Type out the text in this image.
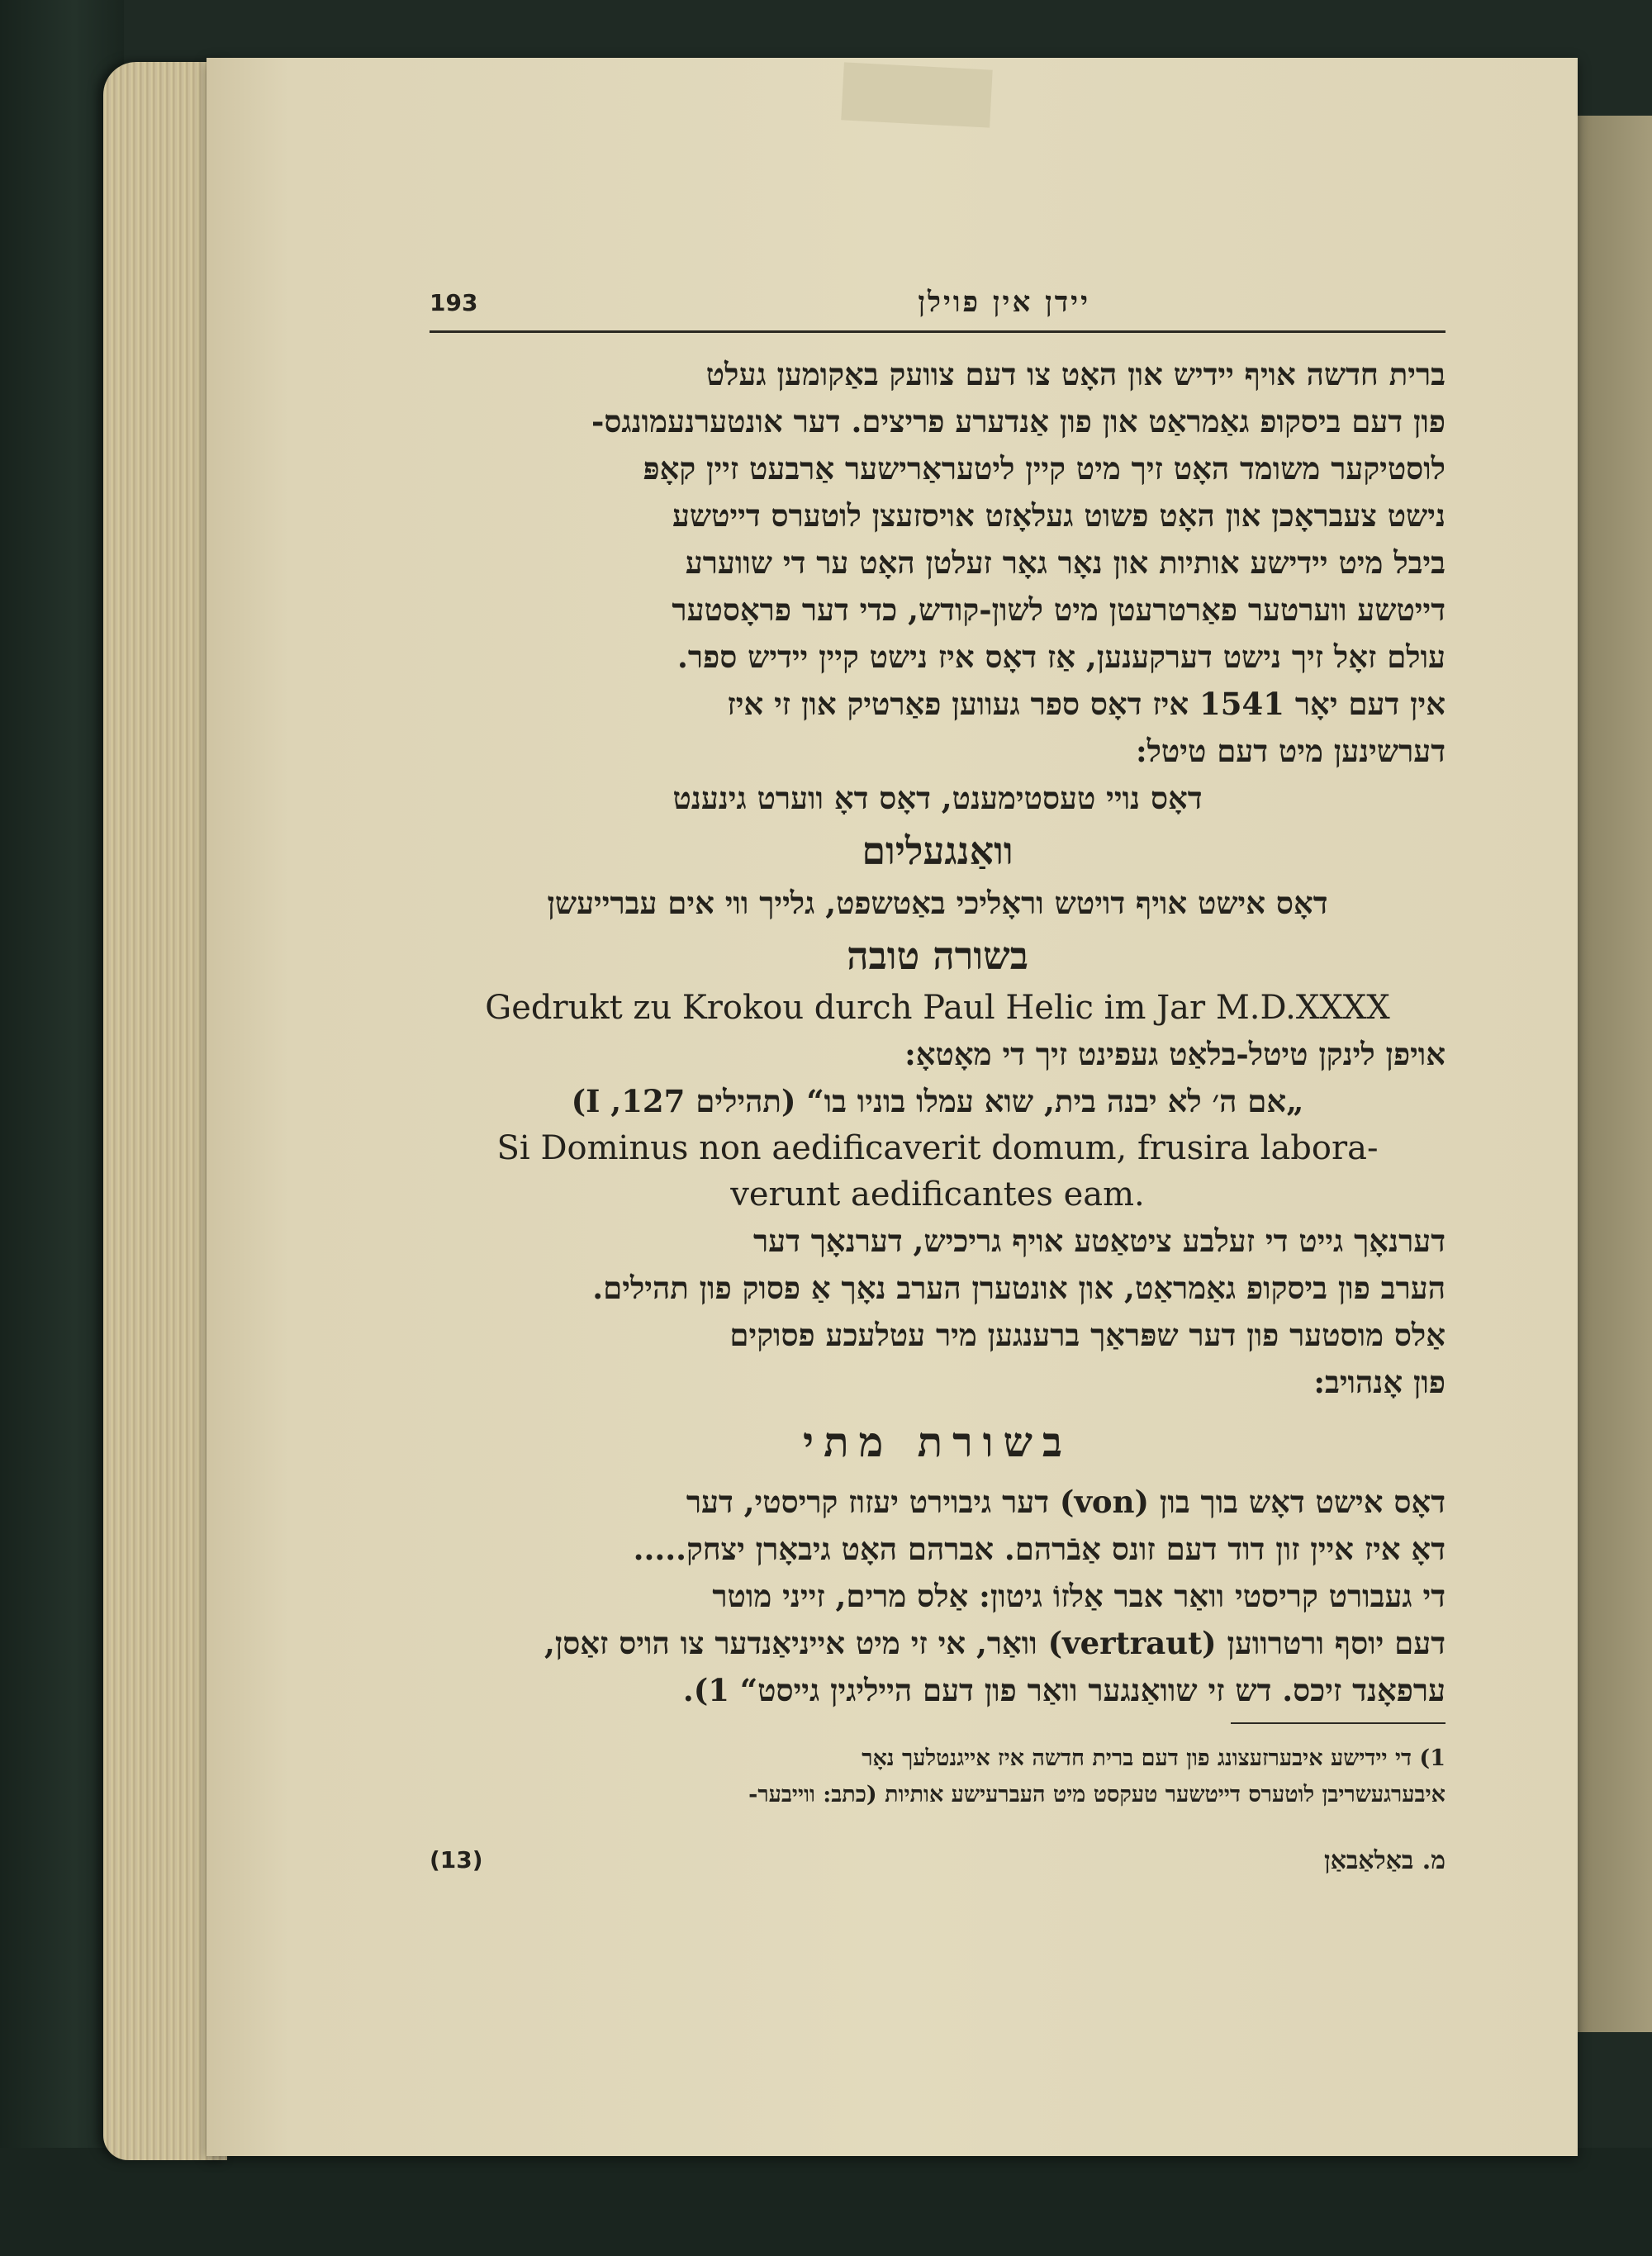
193	יידן אין פוילן
ברית חדשה אויף יידיש און האָט צו דעם צוועק באַקומען געלט
פון דעם ביסקופ גאַמראַט און פון אַנדערע פריצים. דער אונטערנעמונגס-
לוסטיקער משומד האָט זיך מיט קיין ליטעראַרישער אַרבעט זיין קאָפּ
נישט צעבראָכן און האָט פשוט געלאָזט אויסזעצן לוטערס דייטשע
ביבל מיט יידישע אותיות און נאָר גאָר זעלטן האָט ער די שווערע
דייטשע ווערטער פאַרטרעטן מיט לשון-קודש, כדי דער פראָסטער
עולם זאָל זיך נישט דערקענען, אַז דאָס איז נישט קיין יידיש ספר.
אין דעם יאָר 1541 איז דאָס ספר געווען פאַרטיק און זי איז
דערשינען מיט דעם טיטל:
דאָס נויי טעסטימענט, דאָס דאָ ווערט גינענט
וואַנגעליום
דאָס אישט אויף דויטש וראָליכי באַטשפט, גלייך ווי אים עברייעשן
בשורה טובה
Gedrukt zu Krokou durch Paul Helic im Jar M.D.XXXX
אויפן לינקן טיטל-בלאַט געפינט זיך די מאָטאָ:
„אם ה׳ לא יבנה בית, שוא עמלו בוניו בו“ (תהילים 127, I)
Si Dominus non aedificaverit domum, frusira labora-
verunt aedificantes eam.
דערנאָך גייט די זעלבע ציטאַטע אויף גריכיש, דערנאָך דער
הערב פון ביסקופ גאַמראַט, און אונטערן הערב נאָך אַ פסוק פון תהילים.
אַלס מוסטער פון דער שפּראַך ברענגען מיר עטלעכע פסוקים
פון אָנהויב:
בשורת מתי
דאָס אישט דאָש בוך בון (von) דער גיבוירט יעזוז קריסטי, דער
דאָ איז איין זון דוד דעם זונס אַבֿרהם. אברהם האָט גיבאָרן יצחק.....
די געבורט קריסטי וואַר אבר אַלזוֹ גיטון: אַלס מרים, זייני מוטר
דעם יוסף ורטרווען (vertraut) וואַר, אי זי מיט אייניאַנדער צו הויס זאַסן,
ערפאָנד זיכס. דש זי שוואַנגער וואַר פון דעם הייליגין גייסט“ 1).
1) די יידישע איבערזעצונג פון דעם ברית חדשה איז אייגנטלעך נאָר
איבערגעשריבן לוטערס דייטשער טעקסט מיט העברעישע אותיות (כתב: ווייבער-
(13)	מ. באַלאַבאַן
